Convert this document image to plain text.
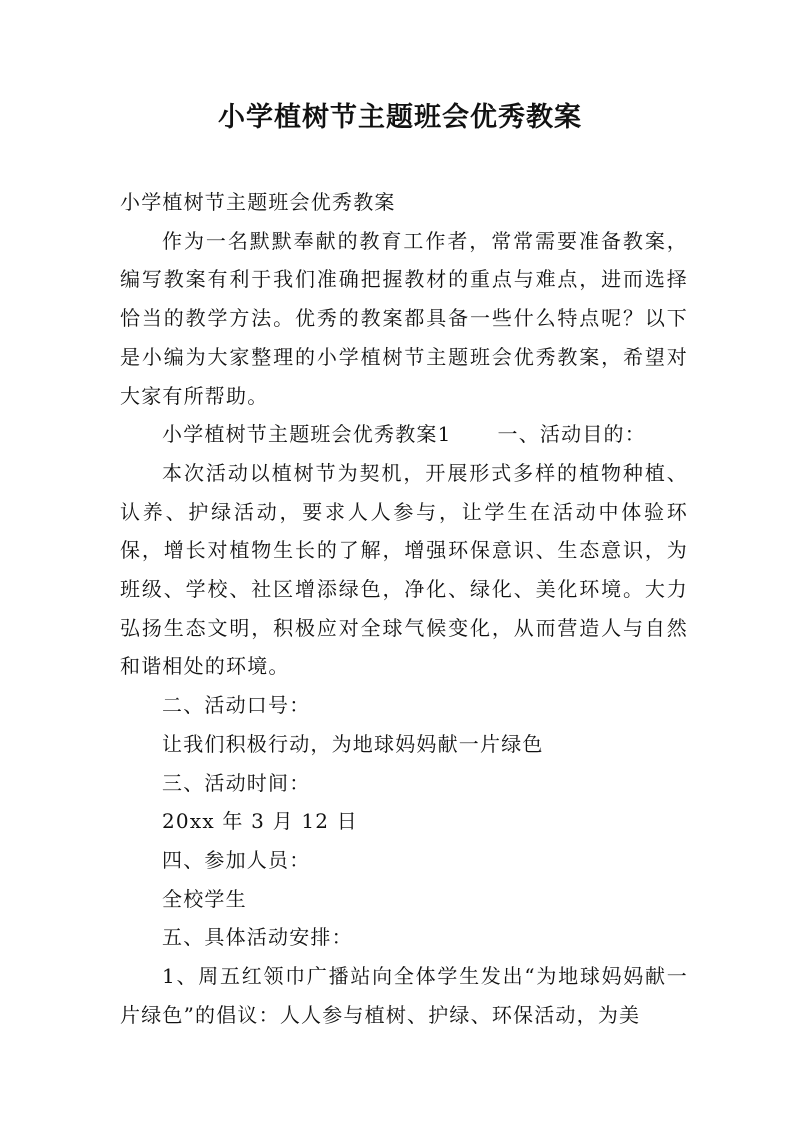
小学植树节主题班会优秀教案

小学植树节主题班会优秀教案

作为一名默默奉献的教育工作者，常常需要准备教案，编写教案有利于我们准确把握教材的重点与难点，进而选择恰当的教学方法。优秀的教案都具备一些什么特点呢？以下是小编为大家整理的小学植树节主题班会优秀教案，希望对大家有所帮助。

小学植树节主题班会优秀教案1 一、活动目的：

本次活动以植树节为契机，开展形式多样的植物种植、认养、护绿活动，要求人人参与，让学生在活动中体验环保，增长对植物生长的了解，增强环保意识、生态意识，为班级、学校、社区增添绿色，净化、绿化、美化环境。大力弘扬生态文明，积极应对全球气候变化，从而营造人与自然和谐相处的环境。

二、活动口号：

让我们积极行动，为地球妈妈献一片绿色

三、活动时间：

20xx 年 3 月 12 日

四、参加人员：

全校学生

五、具体活动安排：

1、周五红领巾广播站向全体学生发出“为地球妈妈献一片绿色”的倡议：人人参与植树、护绿、环保活动，为美
